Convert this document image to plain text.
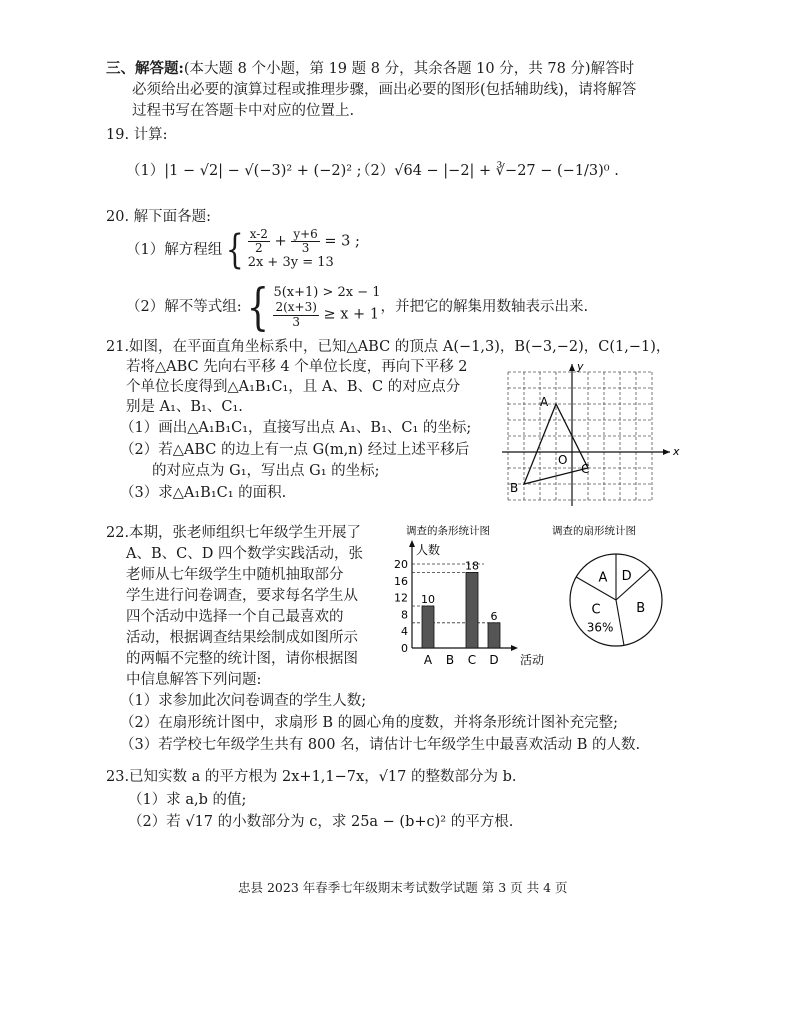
三、解答题:(本大题 8 个小题，第 19 题 8 分，其余各题 10 分，共 78 分)解答时
必须给出必要的演算过程或推理步骤，画出必要的图形(包括辅助线)，请将解答
过程书写在答题卡中对应的位置上.
19. 计算:
（1）|1 − √2| − √(−3)² + (−2)² ;
（2）√64 − |−2| + ∛−27 − (−1/3)⁰ .
20. 解下面各题:
（1）解方程组 { $\frac{x-2}{2} + \frac{y+6}{3} = 3$ ;
2x + 3y = 13
（2）解不等式组: { 5(x+1) > 2x − 1
$\frac{2(x+3)}{3} \ge x + 1$
，并把它的解集用数轴表示出来.
21.如图，在平面直角坐标系中，已知△ABC 的顶点 A(−1,3)，B(−3,−2)，C(1,−1)，
若将△ABC 先向右平移 4 个单位长度，再向下平移 2
个单位长度得到△A₁B₁C₁，且 A、B、C 的对应点分
别是 A₁、B₁、C₁.
（1）画出△A₁B₁C₁，直接写出点 A₁、B₁、C₁ 的坐标;
（2）若△ABC 的边上有一点 G(m,n) 经过上述平移后
的对应点为 G₁，写出点 G₁ 的坐标;
（3）求△A₁B₁C₁ 的面积.
x
y
O
A
B
C
22.本期，张老师组织七年级学生开展了
A、B、C、D 四个数学实践活动，张
老师从七年级学生中随机抽取部分
学生进行问卷调查，要求每名学生从
四个活动中选择一个自己最喜欢的
活动，根据调查结果绘制成如图所示
的两幅不完整的统计图，请你根据图
中信息解答下列问题:
调查的条形统计图
人数
活动
0
4
8
12
16
20
10
A B
18
C
6
D
调查的扇形统计图
A D
B
C
36%
（1）求参加此次问卷调查的学生人数;
（2）在扇形统计图中，求扇形 B 的圆心角的度数，并将条形统计图补充完整;
（3）若学校七年级学生共有 800 名，请估计七年级学生中最喜欢活动 B 的人数.
23.已知实数 a 的平方根为 2x+1,1−7x，√17 的整数部分为 b.
（1）求 a,b 的值;
（2）若 √17 的小数部分为 c，求 25a − (b+c)² 的平方根.
忠县 2023 年春季七年级期末考试数学试题 第 3 页 共 4 页
